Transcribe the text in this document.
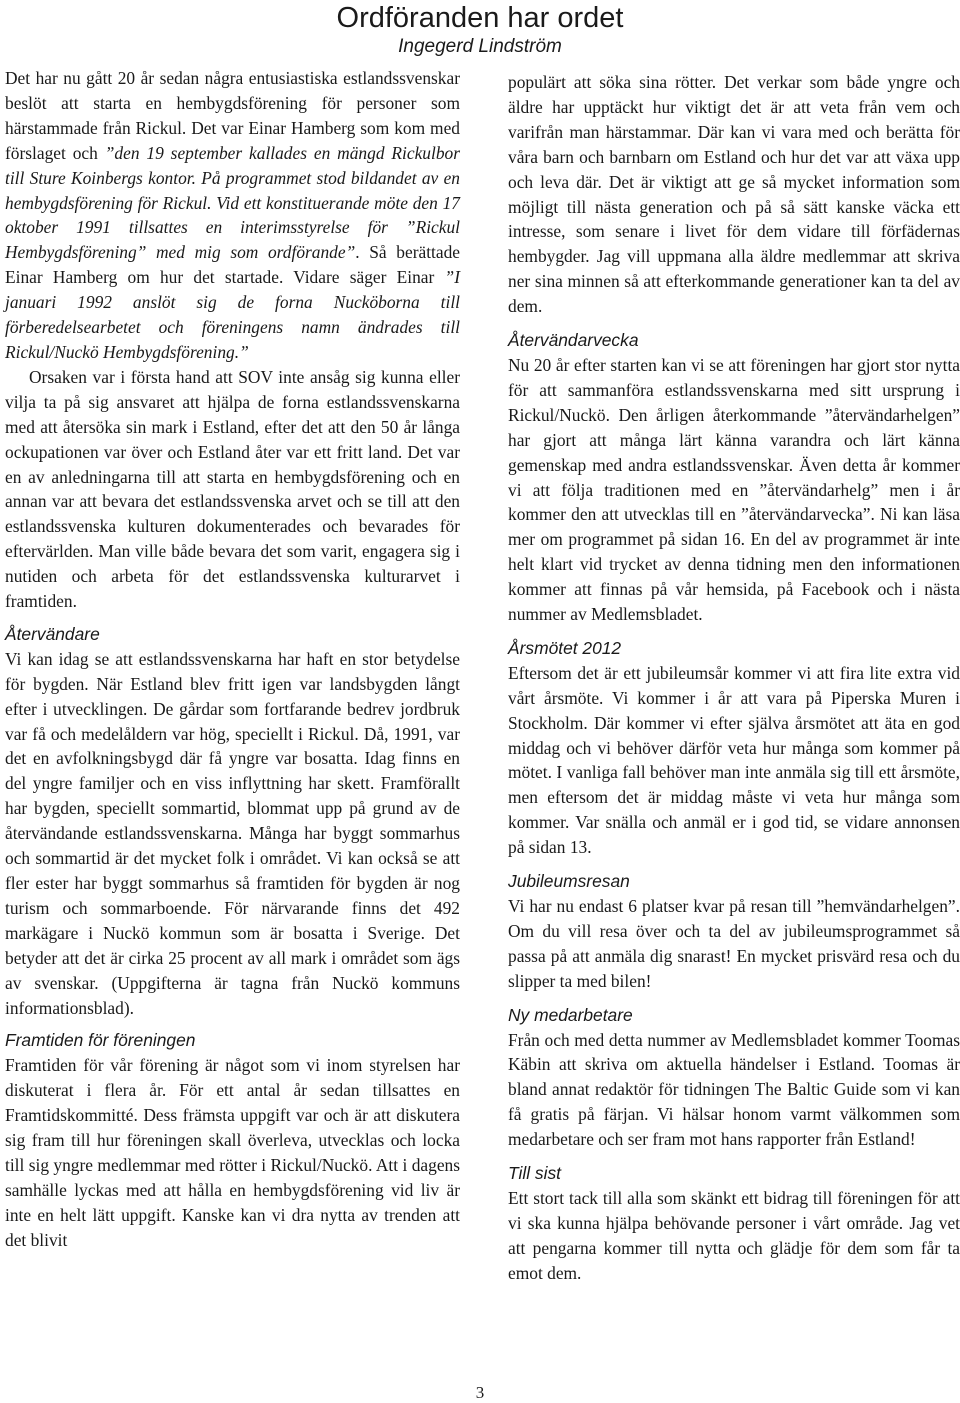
Ordföranden har ordet
Ingegerd Lindström

Det har nu gått 20 år sedan några entusiastiska estlandssvenskar beslöt att starta en hembygdsförening för personer som härstammade från Rickul. Det var Einar Hamberg som kom med förslaget och ”den 19 september kallades en mängd Rickulbor till Sture Koinbergs kontor. På programmet stod bildandet av en hembygdsförening för Rickul. Vid ett konstituerande möte den 17 oktober 1991 tillsattes en interimsstyrelse för ”Rickul Hembygdsförening” med mig som ordförande”. Så berättade Einar Hamberg om hur det startade. Vidare säger Einar ”I januari 1992 anslöt sig de forna Nucköborna till förberedelsearbetet och föreningens namn ändrades till Rickul/Nuckö Hembygdsförening.”

Orsaken var i första hand att SOV inte ansåg sig kunna eller vilja ta på sig ansvaret att hjälpa de forna estlandssvenskarna med att återsöka sin mark i Estland, efter det att den 50 år långa ockupationen var över och Estland åter var ett fritt land. Det var en av anledningarna till att starta en hembygdsförening och en annan var att bevara det estlandssvenska arvet och se till att den estlandssvenska kulturen dokumenterades och bevarades för eftervärlden. Man ville både bevara det som varit, engagera sig i nutiden och arbeta för det estlandssvenska kulturarvet i framtiden.

Återvändare

Vi kan idag se att estlandssvenskarna har haft en stor betydelse för bygden. När Estland blev fritt igen var landsbygden långt efter i utvecklingen. De gårdar som fortfarande bedrev jordbruk var få och medelåldern var hög, speciellt i Rickul. Då, 1991, var det en avfolkningsbygd där få yngre var bosatta. Idag finns en del yngre familjer och en viss inflyttning har skett. Framförallt har bygden, speciellt sommartid, blommat upp på grund av de återvändande estlandssvenskarna. Många har byggt sommarhus och sommartid är det mycket folk i området. Vi kan också se att fler ester har byggt sommarhus så framtiden för bygden är nog turism och sommarboende. För närvarande finns det 492 markägare i Nuckö kommun som är bosatta i Sverige. Det betyder att det är cirka 25 procent av all mark i området som ägs av svenskar. (Uppgifterna är tagna från Nuckö kommuns informationsblad).

Framtiden för föreningen

Framtiden för vår förening är något som vi inom styrelsen har diskuterat i flera år. För ett antal år sedan tillsattes en Framtidskommitté. Dess främsta uppgift var och är att diskutera sig fram till hur föreningen skall överleva, utvecklas och locka till sig yngre medlemmar med rötter i Rickul/Nuckö. Att i dagens samhälle lyckas med att hålla en hembygdsförening vid liv är inte en helt lätt uppgift. Kanske kan vi dra nytta av trenden att det blivit

populärt att söka sina rötter. Det verkar som både yngre och äldre har upptäckt hur viktigt det är att veta från vem och varifrån man härstammar. Där kan vi vara med och berätta för våra barn och barnbarn om Estland och hur det var att växa upp och leva där. Det är viktigt att ge så mycket information som möjligt till nästa generation och på så sätt kanske väcka ett intresse, som senare i livet för dem vidare till förfädernas hembygder. Jag vill uppmana alla äldre medlemmar att skriva ner sina minnen så att efterkommande generationer kan ta del av dem.

Återvändarvecka

Nu 20 år efter starten kan vi se att föreningen har gjort stor nytta för att sammanföra estlandssvenskarna med sitt ursprung i Rickul/Nuckö. Den årligen återkommande ”återvändarhelgen” har gjort att många lärt känna varandra och lärt känna gemenskap med andra estlandssvenskar. Även detta år kommer vi att följa traditionen med en ”återvändarhelg” men i år kommer den att utvecklas till en ”återvändarvecka”. Ni kan läsa mer om programmet på sidan 16. En del av programmet är inte helt klart vid trycket av denna tidning men den informationen kommer att finnas på vår hemsida, på Facebook och i nästa nummer av Medlemsbladet.

Årsmötet 2012

Eftersom det är ett jubileumsår kommer vi att fira lite extra vid vårt årsmöte. Vi kommer i år att vara på Piperska Muren i Stockholm. Där kommer vi efter själva årsmötet att äta en god middag och vi behöver därför veta hur många som kommer på mötet. I vanliga fall behöver man inte anmäla sig till ett årsmöte, men eftersom det är middag måste vi veta hur många som kommer. Var snälla och anmäl er i god tid, se vidare annonsen på sidan 13.

Jubileumsresan

Vi har nu endast 6 platser kvar på resan till ”hemvändarhelgen”. Om du vill resa över och ta del av jubileumsprogrammet så passa på att anmäla dig snarast! En mycket prisvärd resa och du slipper ta med bilen!

Ny medarbetare

Från och med detta nummer av Medlemsbladet kommer Toomas Käbin att skriva om aktuella händelser i Estland. Toomas är bland annat redaktör för tidningen The Baltic Guide som vi kan få gratis på färjan. Vi hälsar honom varmt välkommen som medarbetare och ser fram mot hans rapporter från Estland!

Till sist

Ett stort tack till alla som skänkt ett bidrag till föreningen för att vi ska kunna hjälpa behövande personer i vårt område. Jag vet att pengarna kommer till nytta och glädje för dem som får ta emot dem.

3
